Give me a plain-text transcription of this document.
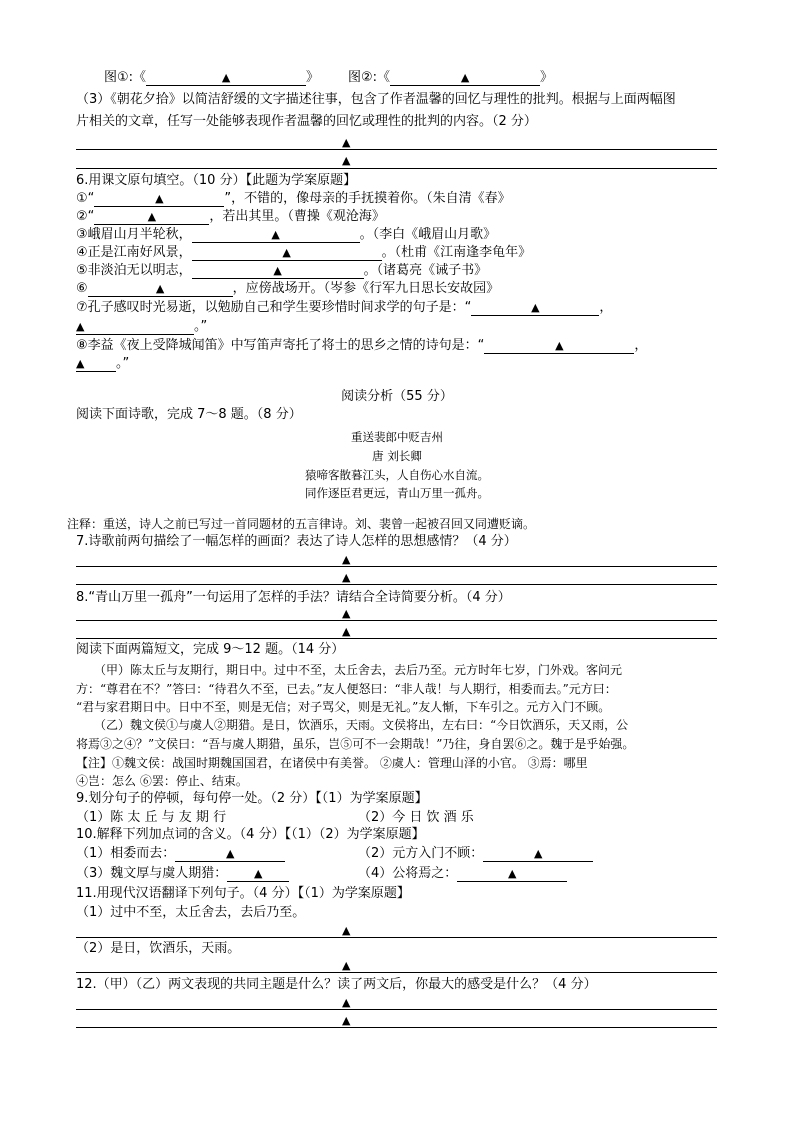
图①:《	▲	》 图②:《	▲	》
（3）《朝花夕拾》以简洁舒缓的文字描述往事，包含了作者温馨的回忆与理性的批判。根据与上面两幅图
片相关的文章，任写一处能够表现作者温馨的回忆或理性的批判的内容。（2 分）
▲
▲
6.用课文原句填空。（10 分）【此题为学案原题】
①“	▲	”，不错的，像母亲的手抚摸着你。（朱自清《春》
②“	▲	，若出其里。（曹操《观沧海》
③峨眉山月半轮秋，	▲	。（李白《峨眉山月歌》
④正是江南好风景，	▲	。（杜甫《江南逢李龟年》
⑤非淡泊无以明志，	▲	。（诸葛亮《诫子书》
⑥	▲	，应傍战场开。（岑参《行军九日思长安故园》
⑦孔子感叹时光易逝，以勉励自己和学生要珍惜时间求学的句子是：“	▲	，
▲	。”
⑧李益《夜上受降城闻笛》中写笛声寄托了将士的思乡之情的诗句是：“	▲	，
▲ 。”
阅读分析（55 分）
阅读下面诗歌，完成 7～8 题。（8 分）
重送裴郎中贬吉州
唐 刘长卿
猿啼客散暮江头，人自伤心水自流。
同作逐臣君更远，青山万里一孤舟。
注释：重送，诗人之前已写过一首同题材的五言律诗。刘、裴曾一起被召回又同遭贬谪。
7.诗歌前两句描绘了一幅怎样的画面？表达了诗人怎样的思想感情？（4 分）
▲
▲
8.“青山万里一孤舟”一句运用了怎样的手法？请结合全诗简要分析。（4 分）
▲
▲
阅读下面两篇短文，完成 9～12 题。（14 分）
（甲）陈太丘与友期行，期日中。过中不至，太丘舍去，去后乃至。元方时年七岁，门外戏。客问元
方：“尊君在不？”答曰：“待君久不至，已去。”友人便怒曰：“非人哉！与人期行，相委而去。”元方曰：
“君与家君期日中。日中不至，则是无信；对子骂父，则是无礼。”友人惭，下车引之。元方入门不顾。
（乙）魏文侯①与虞人②期猎。是日，饮酒乐，天雨。文侯将出，左右曰：“今日饮酒乐，天又雨，公
将焉③之④？”文侯曰：“吾与虞人期猎，虽乐，岂⑤可不一会期哉！”乃往，身自罢⑥之。魏于是乎始强。
【注】①魏文侯：战国时期魏国国君，在诸侯中有美誉。 ②虞人：管理山泽的小官。 ③焉：哪里
④岂：怎么 ⑥罢：停止、结束。
9.划分句子的停顿，每句停一处。（2 分）【（1）为学案原题】
（1）陈 太 丘 与 友 期 行	（2）今 日 饮 酒 乐
10.解释下列加点词的含义。（4 分）【（1）（2）为学案原题】
（1）相委而去：	▲	（2）元方入门不顾：	▲
（3）魏文厚与虞人期猎： ▲	（4）公将焉之：	▲
11.用现代汉语翻译下列句子。（4 分）【（1）为学案原题】
（1）过中不至，太丘舍去，去后乃至。
▲
（2）是日，饮酒乐，天雨。
▲
12.（甲）（乙）两文表现的共同主题是什么？读了两文后，你最大的感受是什么？（4 分）
▲
▲
